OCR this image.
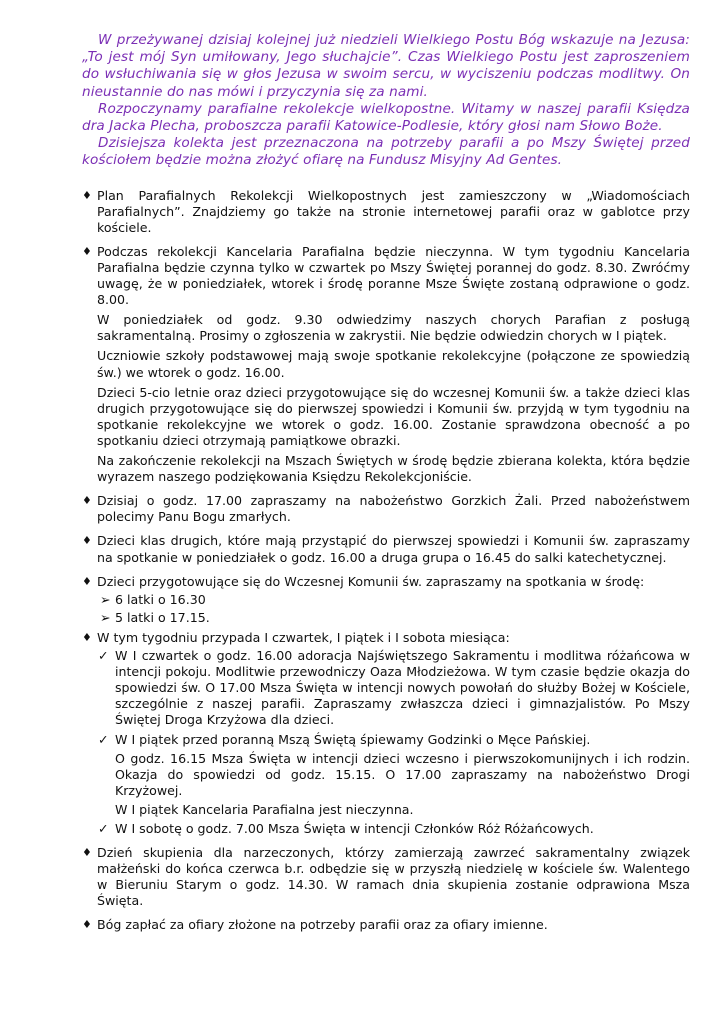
W przeżywanej dzisiaj kolejnej już niedzieli Wielkiego Postu Bóg wskazuje na Jezusa: „To jest mój Syn umiłowany, Jego słuchajcie”. Czas Wielkiego Postu jest zaproszeniem do wsłuchiwania się w głos Jezusa w swoim sercu, w wyciszeniu podczas modlitwy. On nieustannie do nas mówi i przyczynia się za nami.

Rozpoczynamy parafialne rekolekcje wielkopostne. Witamy w naszej parafii Księdza dra Jacka Plecha, proboszcza parafii Katowice-Podlesie, który głosi nam Słowo Boże.

Dzisiejsza kolekta jest przeznaczona na potrzeby parafii a po Mszy Świętej przed kościołem będzie można złożyć ofiarę na Fundusz Misyjny Ad Gentes.

♦ Plan Parafialnych Rekolekcji Wielkopostnych jest zamieszczony w „Wiadomościach Parafialnych”. Znajdziemy go także na stronie internetowej parafii oraz w gablotce przy kościele.

♦ Podczas rekolekcji Kancelaria Parafialna będzie nieczynna. W tym tygodniu Kancelaria Parafialna będzie czynna tylko w czwartek po Mszy Świętej porannej do godz. 8.30. Zwróćmy uwagę, że w poniedziałek, wtorek i środę poranne Msze Święte zostaną odprawione o godz. 8.00.

W poniedziałek od godz. 9.30 odwiedzimy naszych chorych Parafian z posługą sakramentalną. Prosimy o zgłoszenia w zakrystii. Nie będzie odwiedzin chorych w I piątek.

Uczniowie szkoły podstawowej mają swoje spotkanie rekolekcyjne (połączone ze spowiedzią św.) we wtorek o godz. 16.00.

Dzieci 5-cio letnie oraz dzieci przygotowujące się do wczesnej Komunii św. a także dzieci klas drugich przygotowujące się do pierwszej spowiedzi i Komunii św. przyjdą w tym tygodniu na spotkanie rekolekcyjne we wtorek o godz. 16.00. Zostanie sprawdzona obecność a po spotkaniu dzieci otrzymają pamiątkowe obrazki.

Na zakończenie rekolekcji na Mszach Świętych w środę będzie zbierana kolekta, która będzie wyrazem naszego podziękowania Księdzu Rekolekcjoniście.

♦ Dzisiaj o godz. 17.00 zapraszamy na nabożeństwo Gorzkich Żali. Przed nabożeństwem polecimy Panu Bogu zmarłych.

♦ Dzieci klas drugich, które mają przystąpić do pierwszej spowiedzi i Komunii św. zapraszamy na spotkanie w poniedziałek o godz. 16.00 a druga grupa o 16.45 do salki katechetycznej.

♦ Dzieci przygotowujące się do Wczesnej Komunii św. zapraszamy na spotkania w środę:

➢ 6 latki o 16.30

➢ 5 latki o 17.15.

♦ W tym tygodniu przypada I czwartek, I piątek i I sobota miesiąca:

✓ W I czwartek o godz. 16.00 adoracja Najświętszego Sakramentu i modlitwa różańcowa w intencji pokoju. Modlitwie przewodniczy Oaza Młodzieżowa. W tym czasie będzie okazja do spowiedzi św. O 17.00 Msza Święta w intencji nowych powołań do służby Bożej w Kościele, szczególnie z naszej parafii. Zapraszamy zwłaszcza dzieci i gimnazjalistów. Po Mszy Świętej Droga Krzyżowa dla dzieci.

✓ W I piątek przed poranną Mszą Świętą śpiewamy Godzinki o Męce Pańskiej.

O godz. 16.15 Msza Święta w intencji dzieci wczesno i pierwszokomunijnych i ich rodzin. Okazja do spowiedzi od godz. 15.15. O 17.00 zapraszamy na nabożeństwo Drogi Krzyżowej.

W I piątek Kancelaria Parafialna jest nieczynna.

✓ W I sobotę o godz. 7.00 Msza Święta w intencji Członków Róż Różańcowych.

♦ Dzień skupienia dla narzeczonych, którzy zamierzają zawrzeć sakramentalny związek małżeński do końca czerwca b.r. odbędzie się w przyszłą niedzielę w kościele św. Walentego w Bieruniu Starym o godz. 14.30. W ramach dnia skupienia zostanie odprawiona Msza Święta.

♦ Bóg zapłać za ofiary złożone na potrzeby parafii oraz za ofiary imienne.
